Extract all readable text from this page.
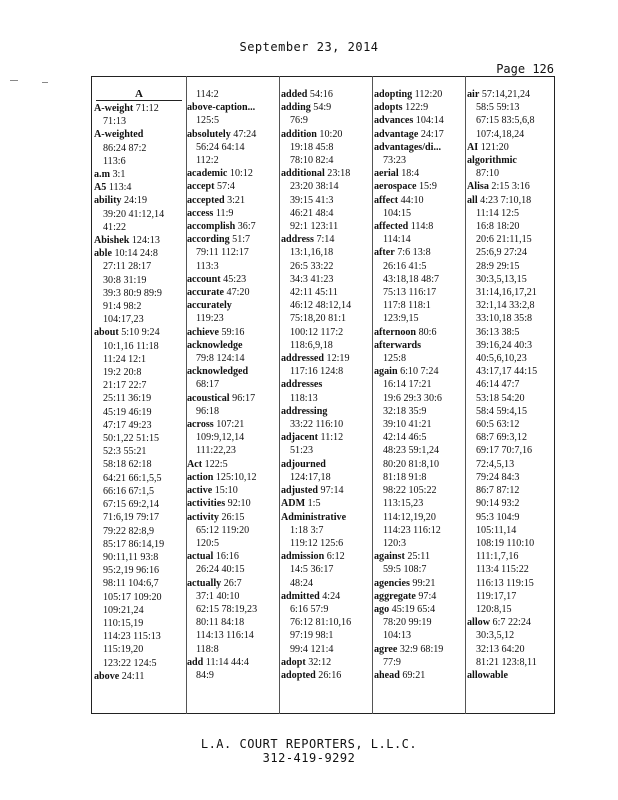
September 23, 2014
Page 126
A
A-weight 71:12
71:13
A-weighted
86:24 87:2
113:6
a.m 3:1
A5 113:4
ability 24:19
39:20 41:12,14
41:22
Abishek 124:13
able 10:14 24:8
27:11 28:17
30:8 31:19
39:3 80:9 89:9
91:4 98:2
104:17,23
about 5:10 9:24
10:1,16 11:18
11:24 12:1
19:2 20:8
21:17 22:7
25:11 36:19
45:19 46:19
47:17 49:23
50:1,22 51:15
52:3 55:21
58:18 62:18
64:21 66:1,5,5
66:16 67:1,5
67:15 69:2,14
71:6,19 79:17
79:22 82:8,9
85:17 86:14,19
90:11,11 93:8
95:2,19 96:16
98:11 104:6,7
105:17 109:20
109:21,24
110:15,19
114:23 115:13
115:19,20
123:22 124:5
above 24:11
114:2
above-caption...
125:5
absolutely 47:24
56:24 64:14
112:2
academic 10:12
accept 57:4
accepted 3:21
access 11:9
accomplish 36:7
according 51:7
79:11 112:17
113:3
account 45:23
accurate 47:20
accurately
119:23
achieve 59:16
acknowledge
79:8 124:14
acknowledged
68:17
acoustical 96:17
96:18
across 107:21
109:9,12,14
111:22,23
Act 122:5
action 125:10,12
active 15:10
activities 92:10
activity 26:15
65:12 119:20
120:5
actual 16:16
26:24 40:15
actually 26:7
37:1 40:10
62:15 78:19,23
80:11 84:18
114:13 116:14
118:8
add 11:14 44:4
84:9
added 54:16
adding 54:9
76:9
addition 10:20
19:18 45:8
78:10 82:4
additional 23:18
23:20 38:14
39:15 41:3
46:21 48:4
92:1 123:11
address 7:14
13:1,16,18
26:5 33:22
34:3 41:23
42:11 45:11
46:12 48:12,14
75:18,20 81:1
100:12 117:2
118:6,9,18
addressed 12:19
117:16 124:8
addresses
118:13
addressing
33:22 116:10
adjacent 11:12
51:23
adjourned
124:17,18
adjusted 97:14
ADM 1:5
Administrative
1:18 3:7
119:12 125:6
admission 6:12
14:5 36:17
48:24
admitted 4:24
6:16 57:9
76:12 81:10,16
97:19 98:1
99:4 121:4
adopt 32:12
adopted 26:16
adopting 112:20
adopts 122:9
advances 104:14
advantage 24:17
advantages/di...
73:23
aerial 18:4
aerospace 15:9
affect 44:10
104:15
affected 114:8
114:14
after 7:6 13:8
26:16 41:5
43:18,18 48:7
75:13 116:17
117:8 118:1
123:9,15
afternoon 80:6
afterwards
125:8
again 6:10 7:24
16:14 17:21
19:6 29:3 30:6
32:18 35:9
39:10 41:21
42:14 46:5
48:23 59:1,24
80:20 81:8,10
81:18 91:8
98:22 105:22
113:15,23
114:12,19,20
114:23 116:12
120:3
against 25:11
59:5 108:7
agencies 99:21
aggregate 97:4
ago 45:19 65:4
78:20 99:19
104:13
agree 32:9 68:19
77:9
ahead 69:21
air 57:14,21,24
58:5 59:13
67:15 83:5,6,8
107:4,18,24
AI 121:20
algorithmic
87:10
Alisa 2:15 3:16
all 4:23 7:10,18
11:14 12:5
16:8 18:20
20:6 21:11,15
25:6,9 27:24
28:9 29:15
30:3,5,13,15
31:14,16,17,21
32:1,14 33:2,8
33:10,18 35:8
36:13 38:5
39:16,24 40:3
40:5,6,10,23
43:17,17 44:15
46:14 47:7
53:18 54:20
58:4 59:4,15
60:5 63:12
68:7 69:3,12
69:17 70:7,16
72:4,5,13
79:24 84:3
86:7 87:12
90:14 93:2
95:3 104:9
105:11,14
108:19 110:10
111:1,7,16
113:4 115:22
116:13 119:15
119:17,17
120:8,15
allow 6:7 22:24
30:3,5,12
32:13 64:20
81:21 123:8,11
allowable
L.A. COURT REPORTERS, L.L.C.
312-419-9292
